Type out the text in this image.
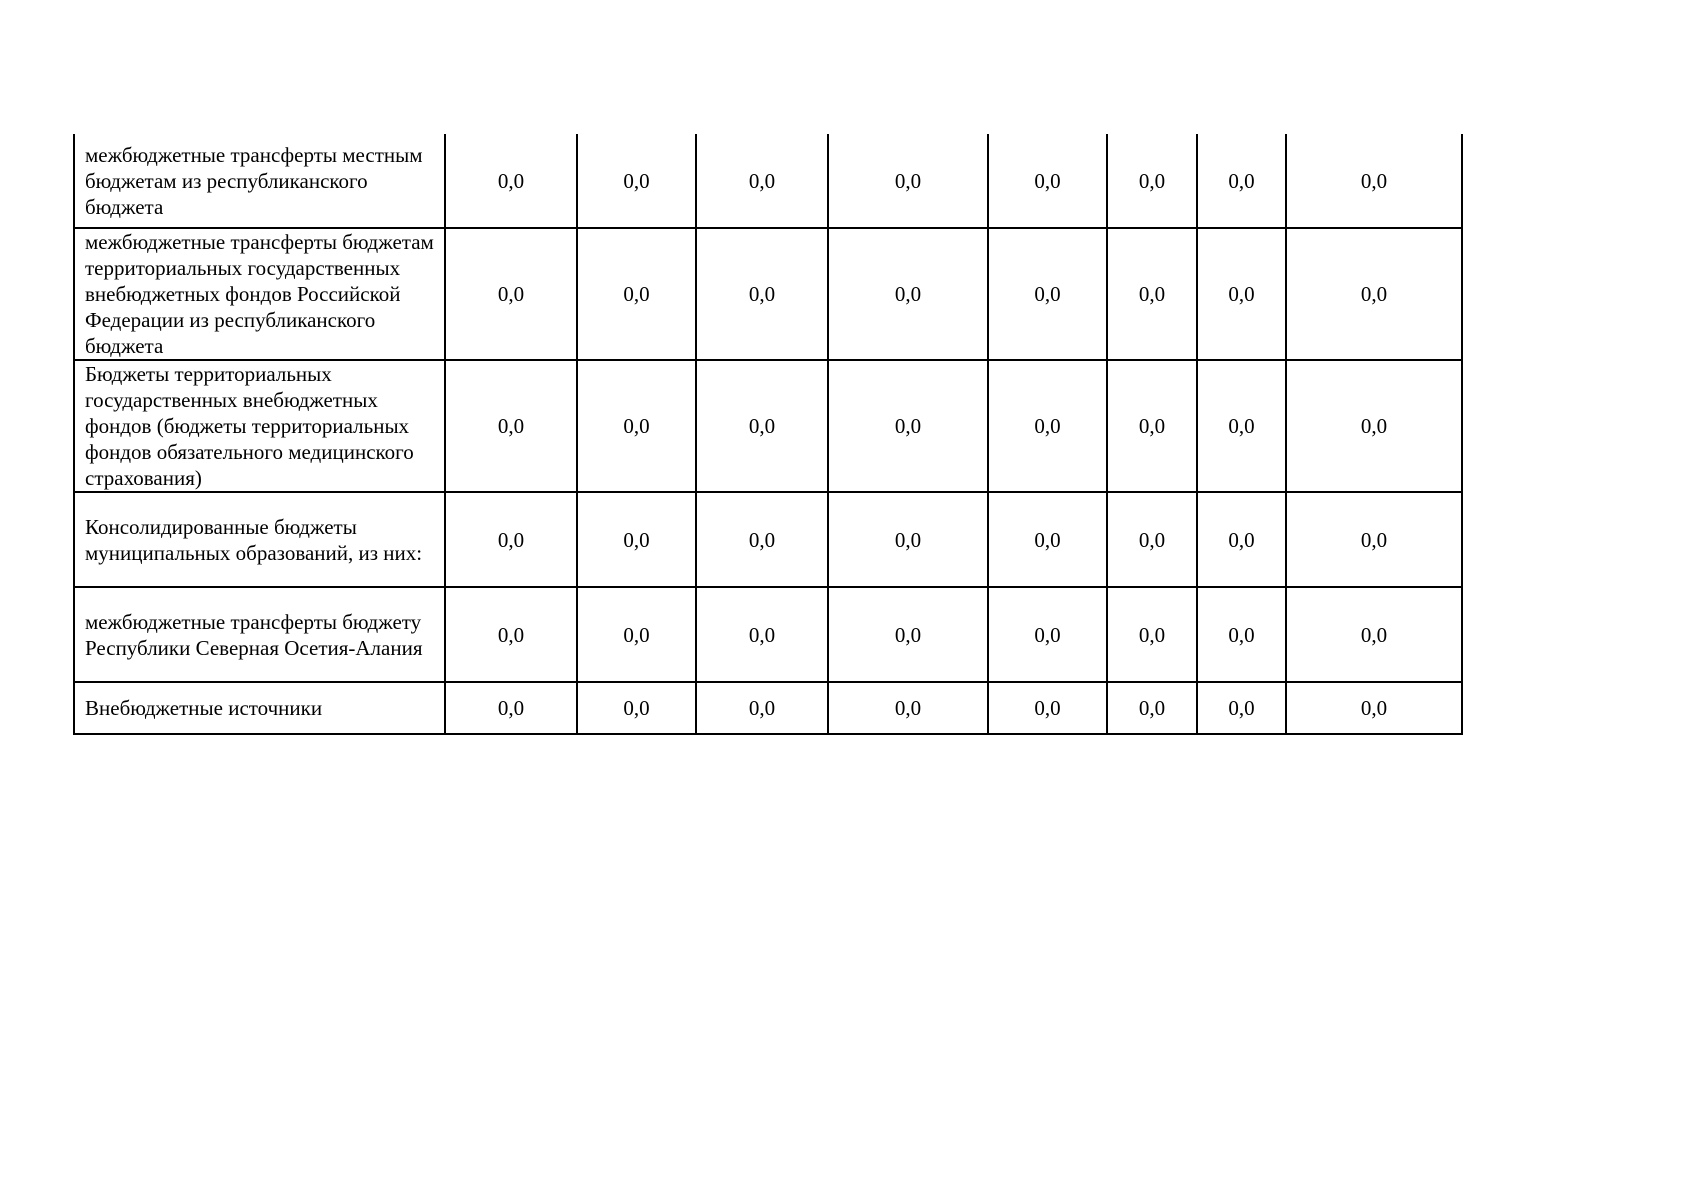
межбюджетные трансферты местным бюджетам из республиканского бюджета	0,0	0,0	0,0	0,0	0,0	0,0	0,0	0,0
межбюджетные трансферты бюджетам территориальных государственных внебюджетных фондов Российской Федерации из республиканского бюджета	0,0	0,0	0,0	0,0	0,0	0,0	0,0	0,0
Бюджеты территориальных государственных внебюджетных фондов (бюджеты территориальных фондов обязательного медицинского страхования)	0,0	0,0	0,0	0,0	0,0	0,0	0,0	0,0
Консолидированные бюджеты муниципальных образований, из них:	0,0	0,0	0,0	0,0	0,0	0,0	0,0	0,0
межбюджетные трансферты бюджету Республики Северная Осетия-Алания	0,0	0,0	0,0	0,0	0,0	0,0	0,0	0,0
Внебюджетные источники	0,0	0,0	0,0	0,0	0,0	0,0	0,0	0,0
